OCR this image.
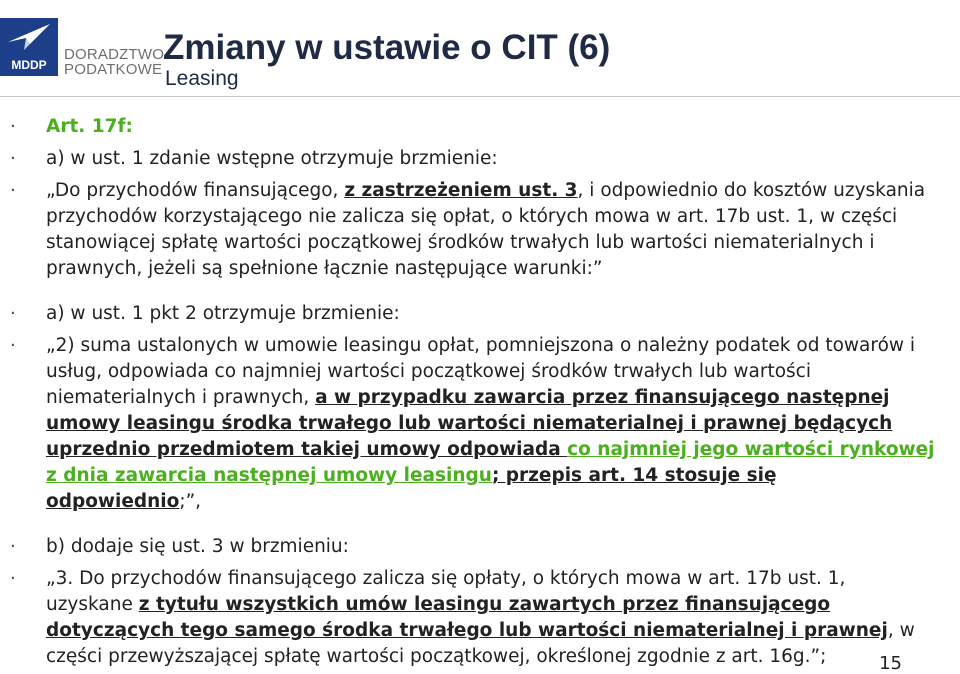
MDDP
DORADZTWO
PODATKOWE
Zmiany w ustawie o CIT (6)
Leasing
· Art. 17f:
· a) w ust. 1 zdanie wstępne otrzymuje brzmienie:
· „Do przychodów finansującego, z zastrzeżeniem ust. 3, i odpowiednio do kosztów uzyskania przychodów korzystającego nie zalicza się opłat, o których mowa w art. 17b ust. 1, w części stanowiącej spłatę wartości początkowej środków trwałych lub wartości niematerialnych i prawnych, jeżeli są spełnione łącznie następujące warunki:”
· a) w ust. 1 pkt 2 otrzymuje brzmienie:
· „2) suma ustalonych w umowie leasingu opłat, pomniejszona o należny podatek od towarów i usług, odpowiada co najmniej wartości początkowej środków trwałych lub wartości niematerialnych i prawnych, a w przypadku zawarcia przez finansującego następnej umowy leasingu środka trwałego lub wartości niematerialnej i prawnej będących uprzednio przedmiotem takiej umowy odpowiada co najmniej jego wartości rynkowej z dnia zawarcia następnej umowy leasingu; przepis art. 14 stosuje się odpowiednio;”,
· b) dodaje się ust. 3 w brzmieniu:
· „3. Do przychodów finansującego zalicza się opłaty, o których mowa w art. 17b ust. 1, uzyskane z tytułu wszystkich umów leasingu zawartych przez finansującego dotyczących tego samego środka trwałego lub wartości niematerialnej i prawnej, w części przewyższającej spłatę wartości początkowej, określonej zgodnie z art. 16g.”;	15
